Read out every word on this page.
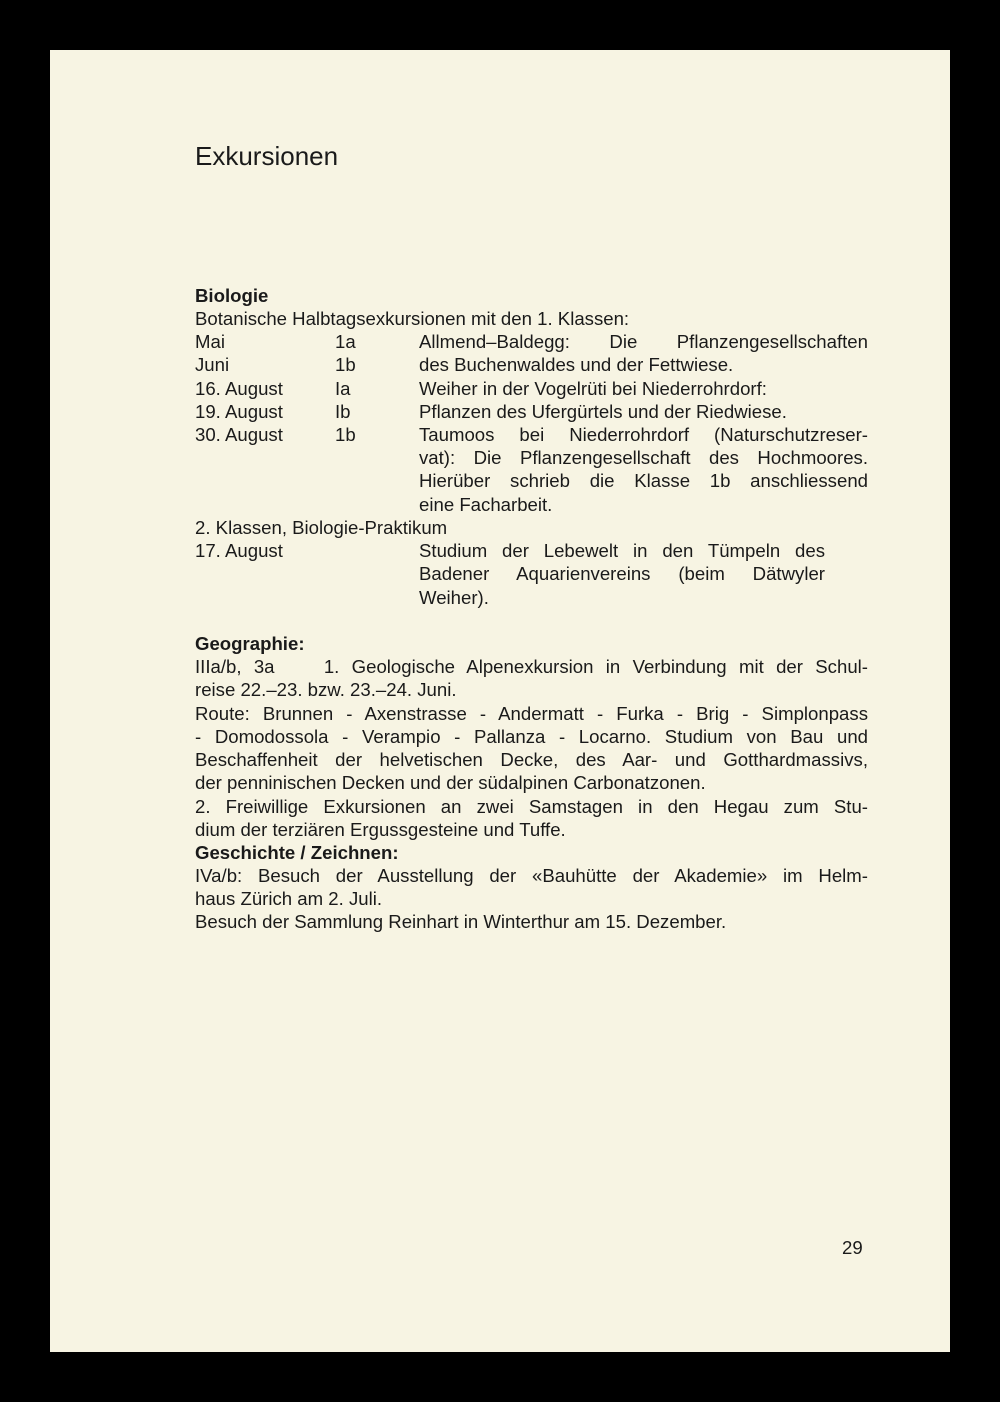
Exkursionen
Biologie
Botanische Halbtagsexkursionen mit den 1. Klassen:
Mai	1a	Allmend–Baldegg: Die Pflanzengesellschaften
Juni	1b	des Buchenwaldes und der Fettwiese.
16. August	Ia	Weiher in der Vogelrüti bei Niederrohrdorf:
19. August	Ib	Pflanzen des Ufergürtels und der Riedwiese.
30. August	1b	Taumoos bei Niederrohrdorf (Naturschutzreser-
vat): Die Pflanzengesellschaft des Hochmoores.
Hierüber schrieb die Klasse 1b anschliessend
eine Facharbeit.
2. Klassen, Biologie-Praktikum
17. August	Studium der Lebewelt in den Tümpeln des
Badener Aquarienvereins (beim Dätwyler
Weiher).
Geographie:
IIIa/b, 3a    1. Geologische Alpenexkursion in Verbindung mit der Schul-
reise 22.–23. bzw. 23.–24. Juni.
Route: Brunnen - Axenstrasse - Andermatt - Furka - Brig - Simplonpass
- Domodossola - Verampio - Pallanza - Locarno. Studium von Bau und
Beschaffenheit der helvetischen Decke, des Aar- und Gotthardmassivs,
der penninischen Decken und der südalpinen Carbonatzonen.
2. Freiwillige Exkursionen an zwei Samstagen in den Hegau zum Stu-
dium der terziären Ergussgesteine und Tuffe.
Geschichte / Zeichnen:
IVa/b: Besuch der Ausstellung der «Bauhütte der Akademie» im Helm-
haus Zürich am 2. Juli.
Besuch der Sammlung Reinhart in Winterthur am 15. Dezember.
29
